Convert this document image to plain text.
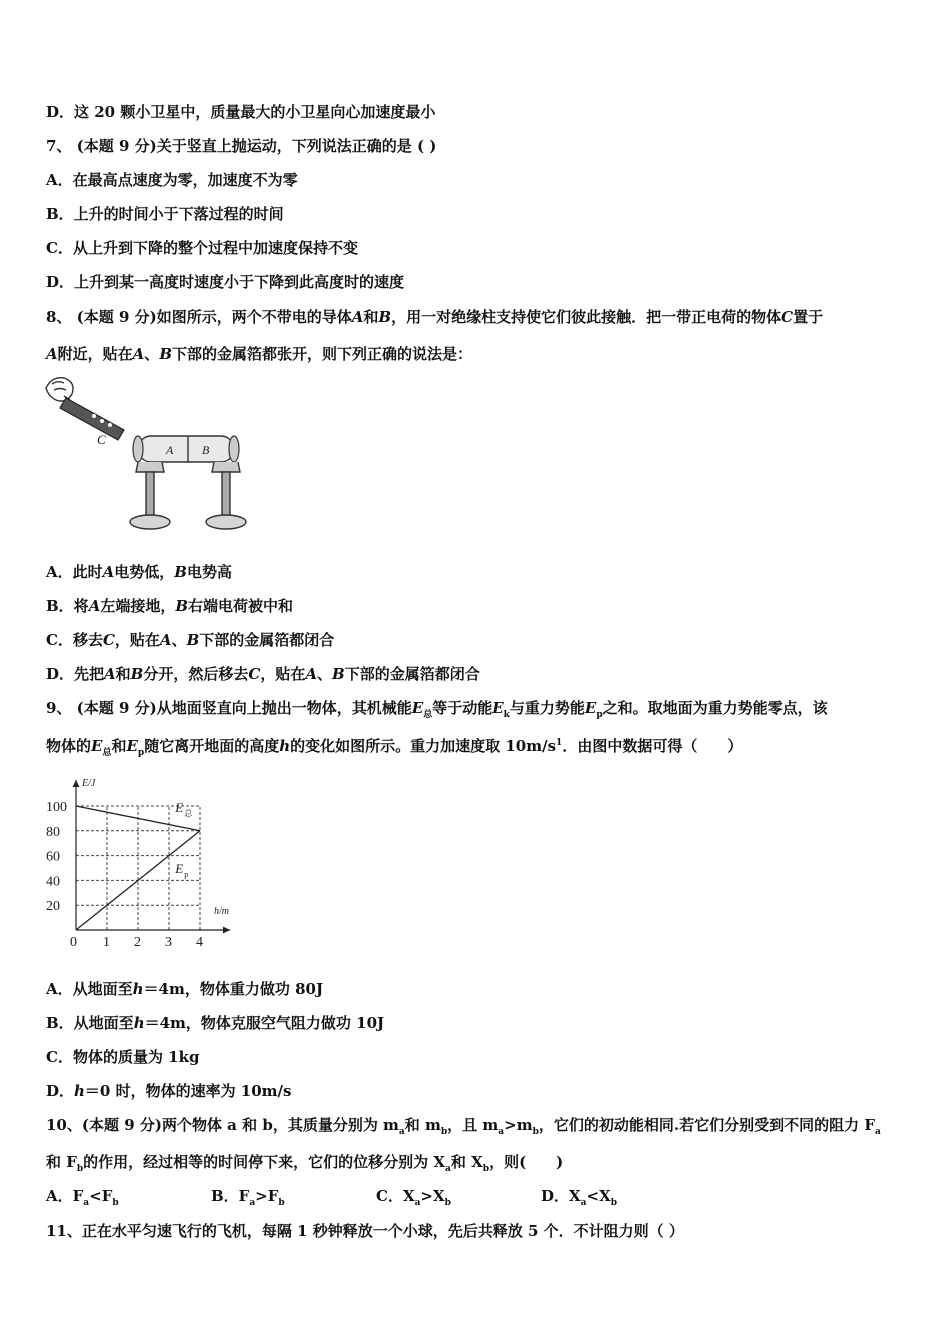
D．这 20 颗小卫星中，质量最大的小卫星向心加速度最小
7、 (本题 9 分)关于竖直上抛运动，下列说法正确的是 ( )
A．在最高点速度为零，加速度不为零
B．上升的时间小于下落过程的时间
C．从上升到下降的整个过程中加速度保持不变
D．上升到某一高度时速度小于下降到此高度时的速度
8、 (本题 9 分)如图所示，两个不带电的导体A和B，用一对绝缘柱支持使它们彼此接触．把一带正电荷的物体C置于
A附近，贴在A、B下部的金属箔都张开，则下列正确的说法是：
C
A B
A．此时A电势低，B电势高
B．将A左端接地，B右端电荷被中和
C．移去C，贴在A、B下部的金属箔都闭合
D．先把A和B分开，然后移去C，贴在A、B下部的金属箔都闭合
9、 (本题 9 分)从地面竖直向上抛出一物体，其机械能$E_总$等于动能$E_k$与重力势能$E_p$之和。取地面为重力势能零点，该
物体的$E_总$和$E_p$随它离开地面的高度h的变化如图所示。重力加速度取 $10m/s^1$．由图中数据可得（　　）
0 1 2 3 4
20
40
60
80
100
h/m
E/J
E 总
E p
A．从地面至h＝4m，物体重力做功 80J
B．从地面至h＝4m，物体克服空气阻力做功 10J
C．物体的质量为 1kg
D．h＝0 时，物体的速率为 10m/s
10、(本题 9 分)两个物体 a 和 b，其质量分别为 $m_a$和 $m_b$，且 $m_a>m_b$，它们的初动能相同.若它们分别受到不同的阻力 $F_a$
和 $F_b$的作用，经过相等的时间停下来，它们的位移分别为 $X_a$和 $X_b$，则(　　)
A．$F_a<F_b$	B．$F_a>F_b$	C．$X_a>X_b$	D．$X_a<X_b$
11、正在水平匀速飞行的飞机，每隔 1 秒钟释放一个小球，先后共释放 5 个．不计阻力则（ ）
